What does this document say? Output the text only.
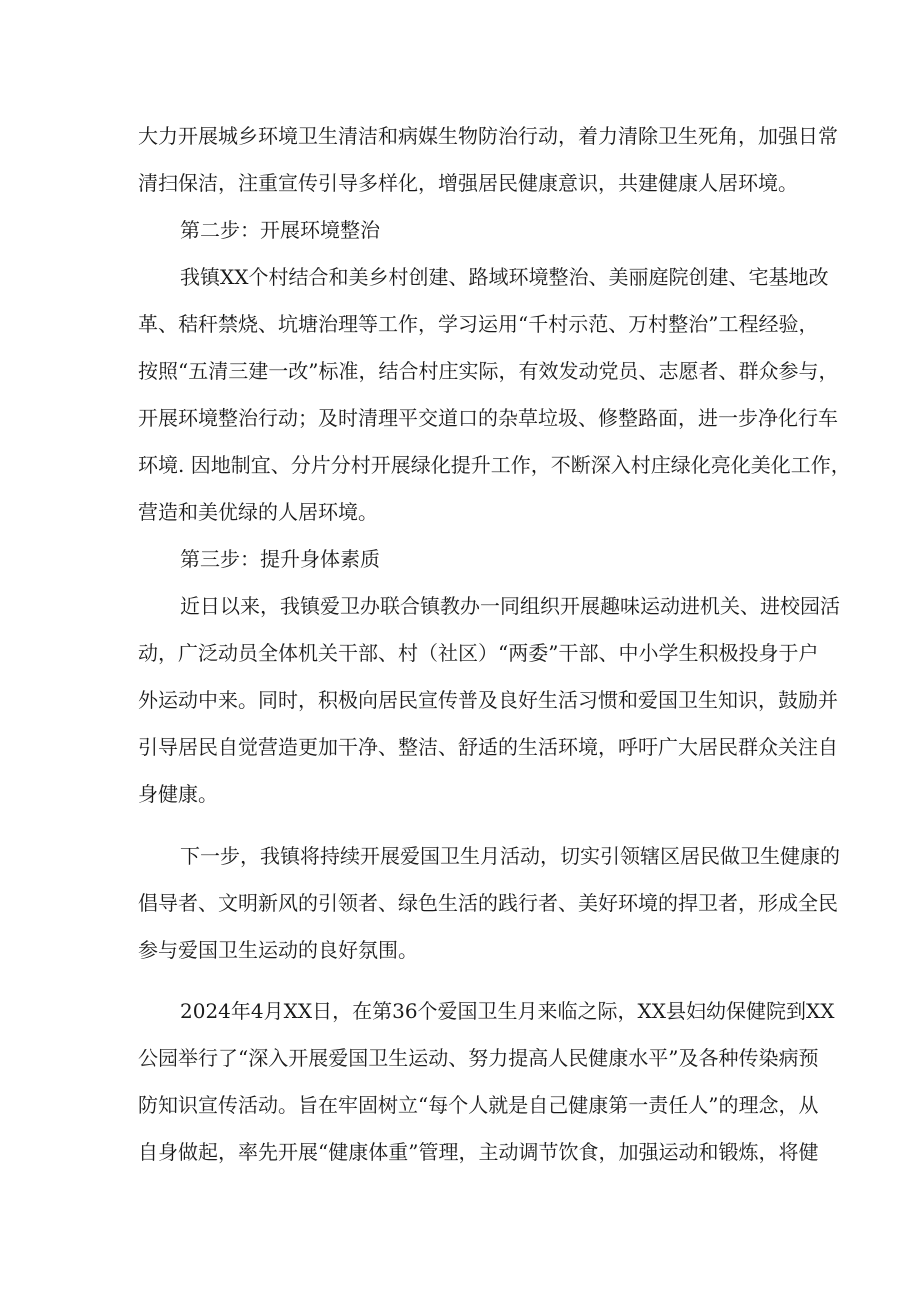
大力开展城乡环境卫生清洁和病媒生物防治行动，着力清除卫生死角，加强日常
清扫保洁，注重宣传引导多样化，增强居民健康意识，共建健康人居环境。
第二步：开展环境整治
我镇XX个村结合和美乡村创建、路域环境整治、美丽庭院创建、宅基地改
革、秸秆禁烧、坑塘治理等工作，学习运用“千村示范、万村整治”工程经验，
按照“五清三建一改”标准，结合村庄实际，有效发动党员、志愿者、群众参与，
开展环境整治行动；及时清理平交道口的杂草垃圾、修整路面，进一步净化行车
环境. 因地制宜、分片分村开展绿化提升工作，不断深入村庄绿化亮化美化工作，
营造和美优绿的人居环境。
第三步：提升身体素质
近日以来，我镇爱卫办联合镇教办一同组织开展趣味运动进机关、进校园活
动，广泛动员全体机关干部、村（社区）“两委”干部、中小学生积极投身于户
外运动中来。同时，积极向居民宣传普及良好生活习惯和爱国卫生知识，鼓励并
引导居民自觉营造更加干净、整洁、舒适的生活环境，呼吁广大居民群众关注自
身健康。
下一步，我镇将持续开展爱国卫生月活动，切实引领辖区居民做卫生健康的
倡导者、文明新风的引领者、绿色生活的践行者、美好环境的捍卫者，形成全民
参与爱国卫生运动的良好氛围。
2024年4月XX日，在第36个爱国卫生月来临之际，XX县妇幼保健院到XX
公园举行了“深入开展爱国卫生运动、努力提高人民健康水平”及各种传染病预
防知识宣传活动。旨在牢固树立“每个人就是自己健康第一责任人”的理念，从
自身做起，率先开展“健康体重”管理，主动调节饮食，加强运动和锻炼，将健
